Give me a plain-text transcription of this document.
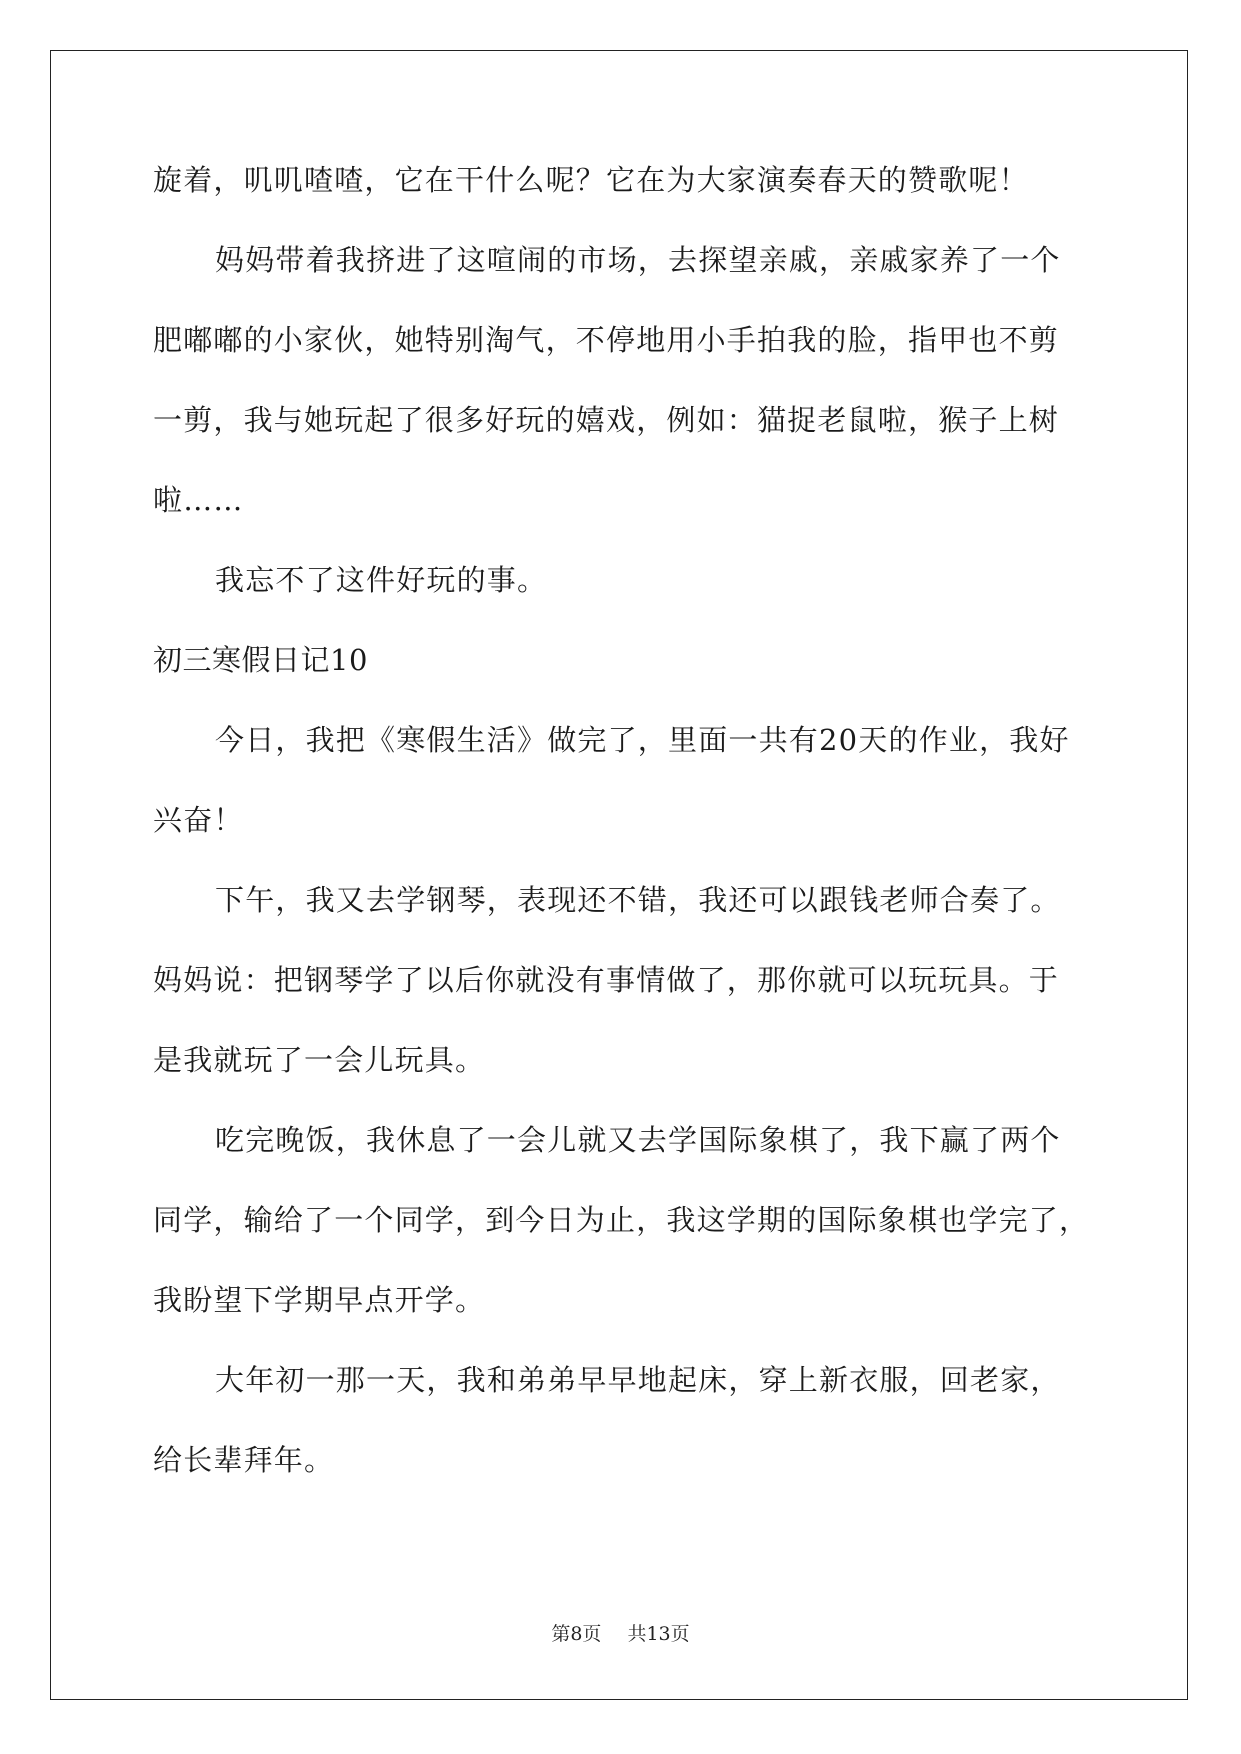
旋着，叽叽喳喳，它在干什么呢？它在为大家演奏春天的赞歌呢！
妈妈带着我挤进了这喧闹的市场，去探望亲戚，亲戚家养了一个
肥嘟嘟的小家伙，她特别淘气，不停地用小手拍我的脸，指甲也不剪
一剪，我与她玩起了很多好玩的嬉戏，例如：猫捉老鼠啦，猴子上树
啦……
我忘不了这件好玩的事。
初三寒假日记10
今日，我把《寒假生活》做完了，里面一共有20天的作业，我好
兴奋！
下午，我又去学钢琴，表现还不错，我还可以跟钱老师合奏了。
妈妈说：把钢琴学了以后你就没有事情做了，那你就可以玩玩具。于
是我就玩了一会儿玩具。
吃完晚饭，我休息了一会儿就又去学国际象棋了，我下赢了两个
同学，输给了一个同学，到今日为止，我这学期的国际象棋也学完了，
我盼望下学期早点开学。
大年初一那一天，我和弟弟早早地起床，穿上新衣服，回老家，
给长辈拜年。
第8页 共13页
